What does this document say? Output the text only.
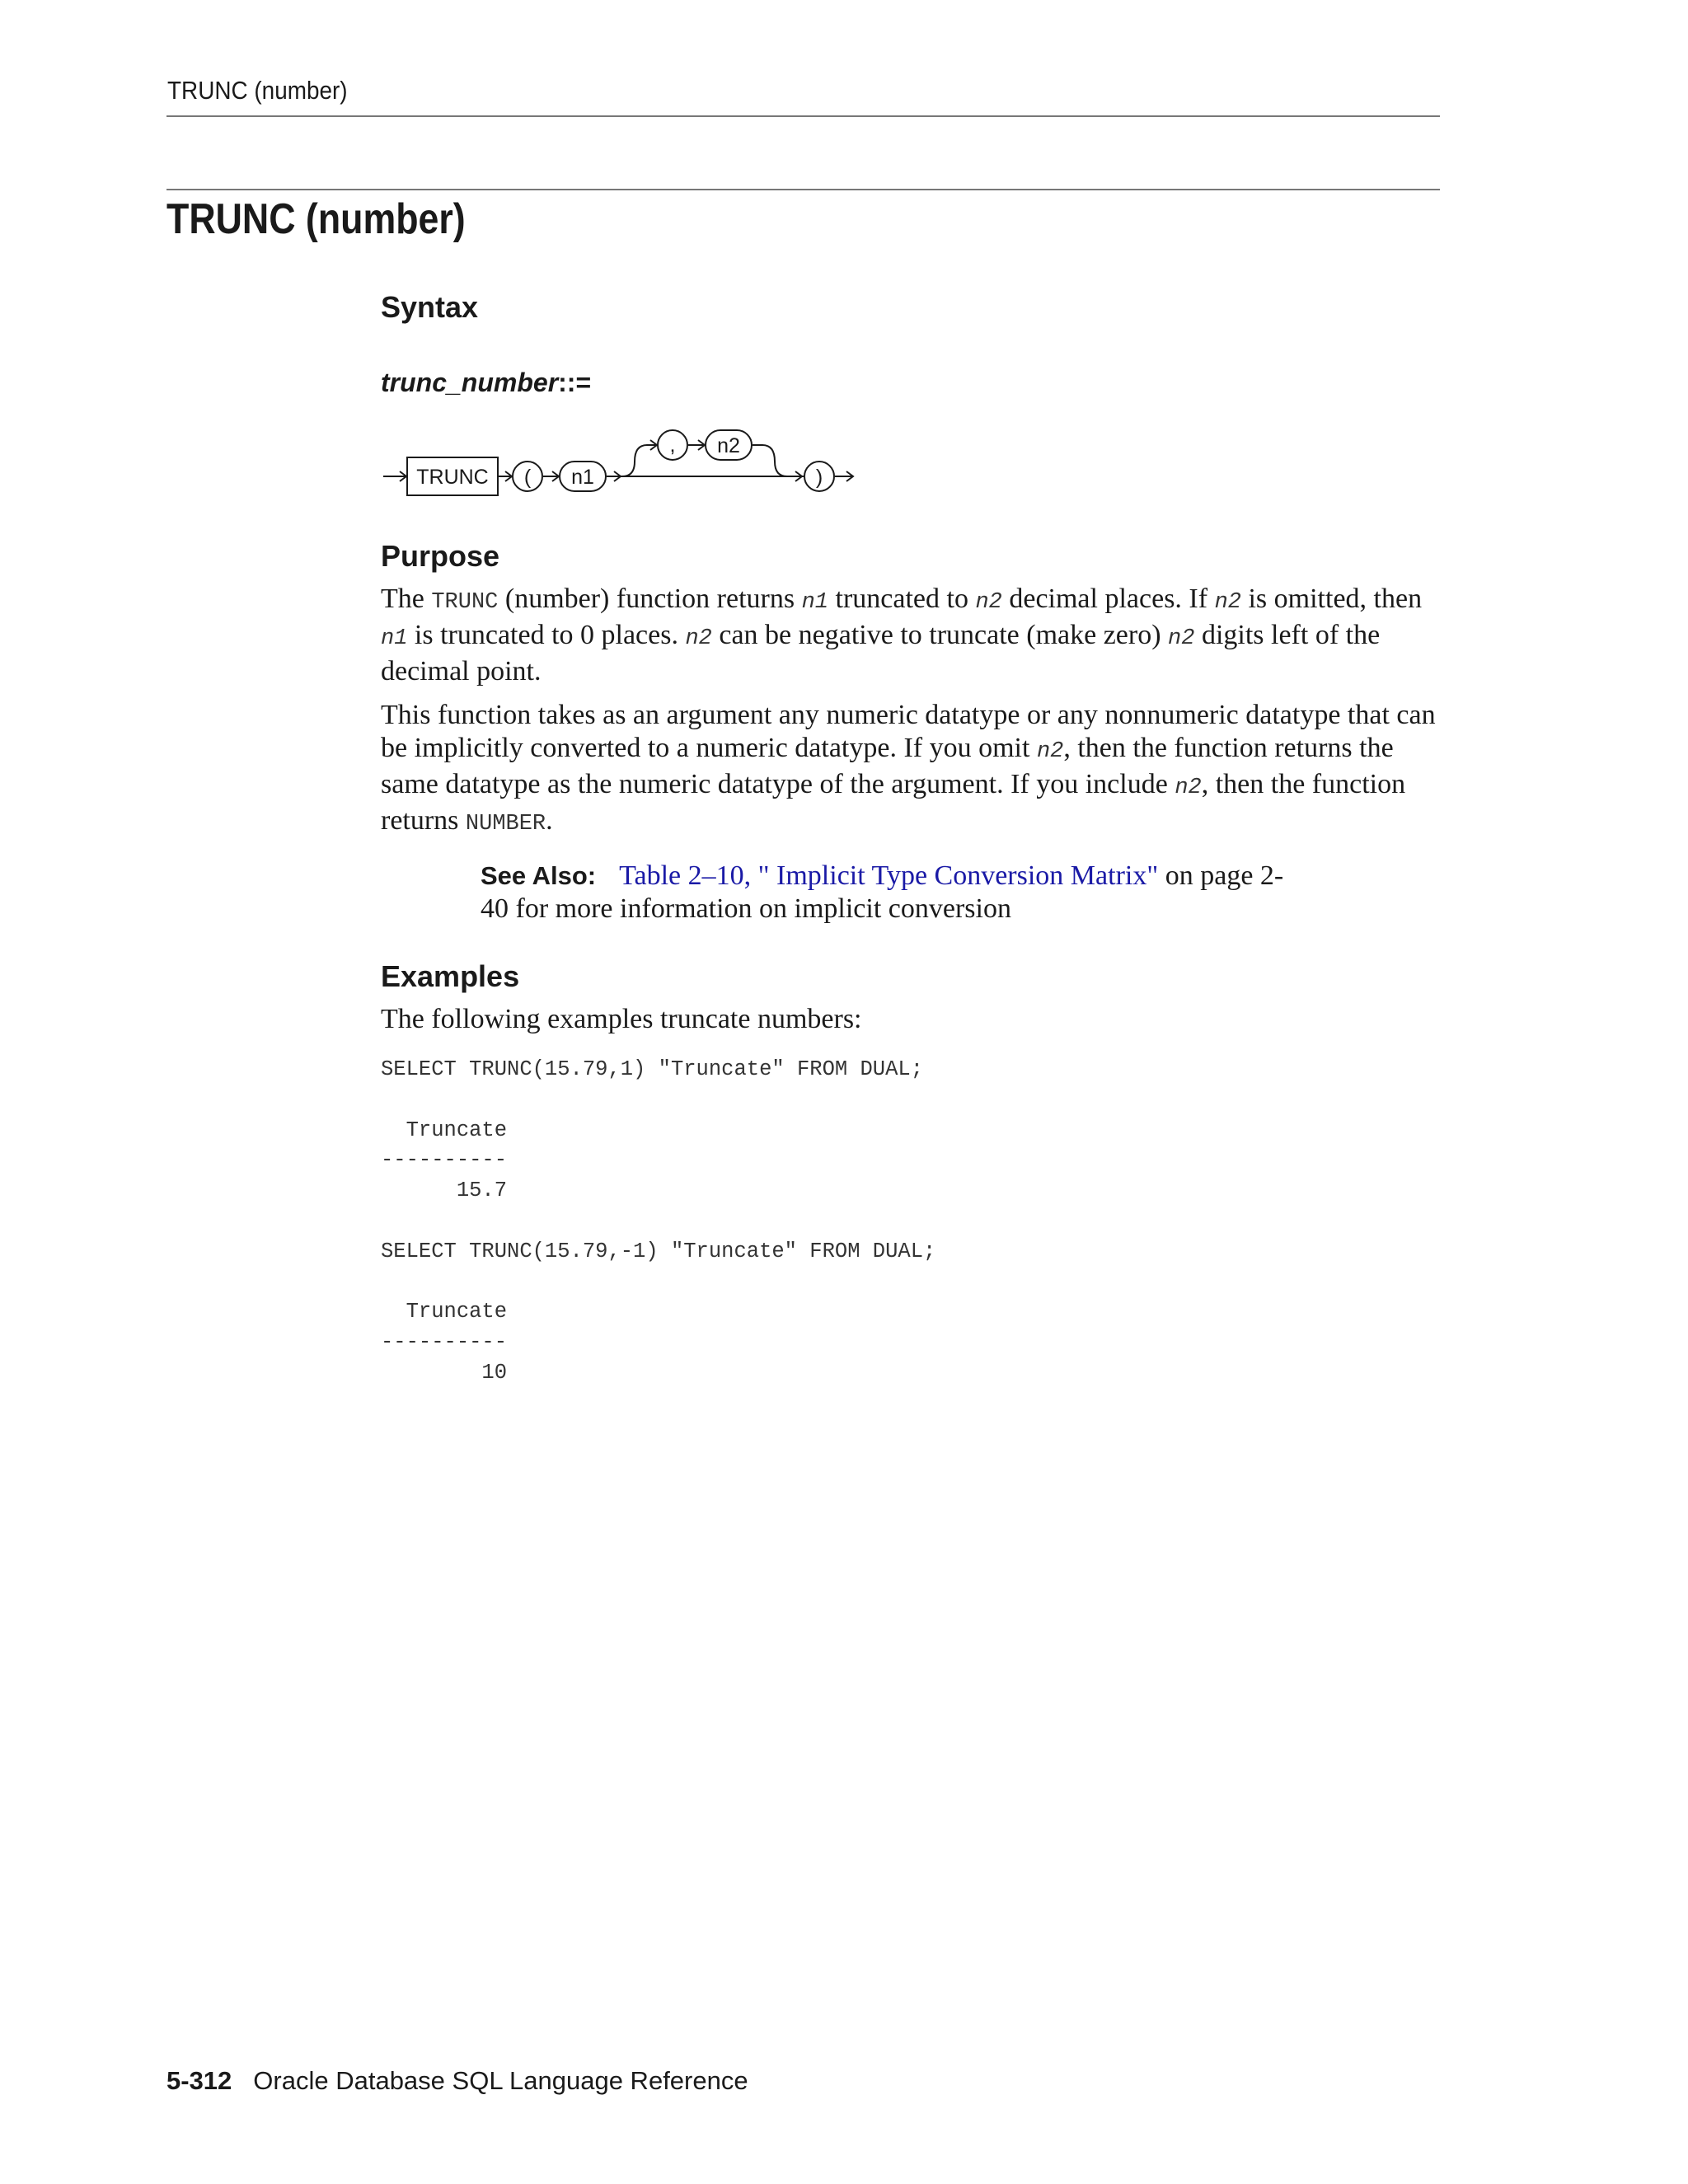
TRUNC (number)
TRUNC (number)
Syntax
trunc_number::=
TRUNC ( n1
, n2
)
Purpose

The TRUNC (number) function returns n1 truncated to n2 decimal places. If n2 is omitted, then n1 is truncated to 0 places. n2 can be negative to truncate (make zero) n2 digits left of the decimal point.

This function takes as an argument any numeric datatype or any nonnumeric datatype that can be implicitly converted to a numeric datatype. If you omit n2, then the function returns the same datatype as the numeric datatype of the argument. If you include n2, then the function returns NUMBER.

See Also: Table 2–10, " Implicit Type Conversion Matrix" on page 2-40 for more information on implicit conversion
Examples

The following examples truncate numbers:

SELECT TRUNC(15.79,1) "Truncate" FROM DUAL;

Truncate
----------
15.7

SELECT TRUNC(15.79,-1) "Truncate" FROM DUAL;

Truncate
----------
10
5-312 Oracle Database SQL Language Reference
